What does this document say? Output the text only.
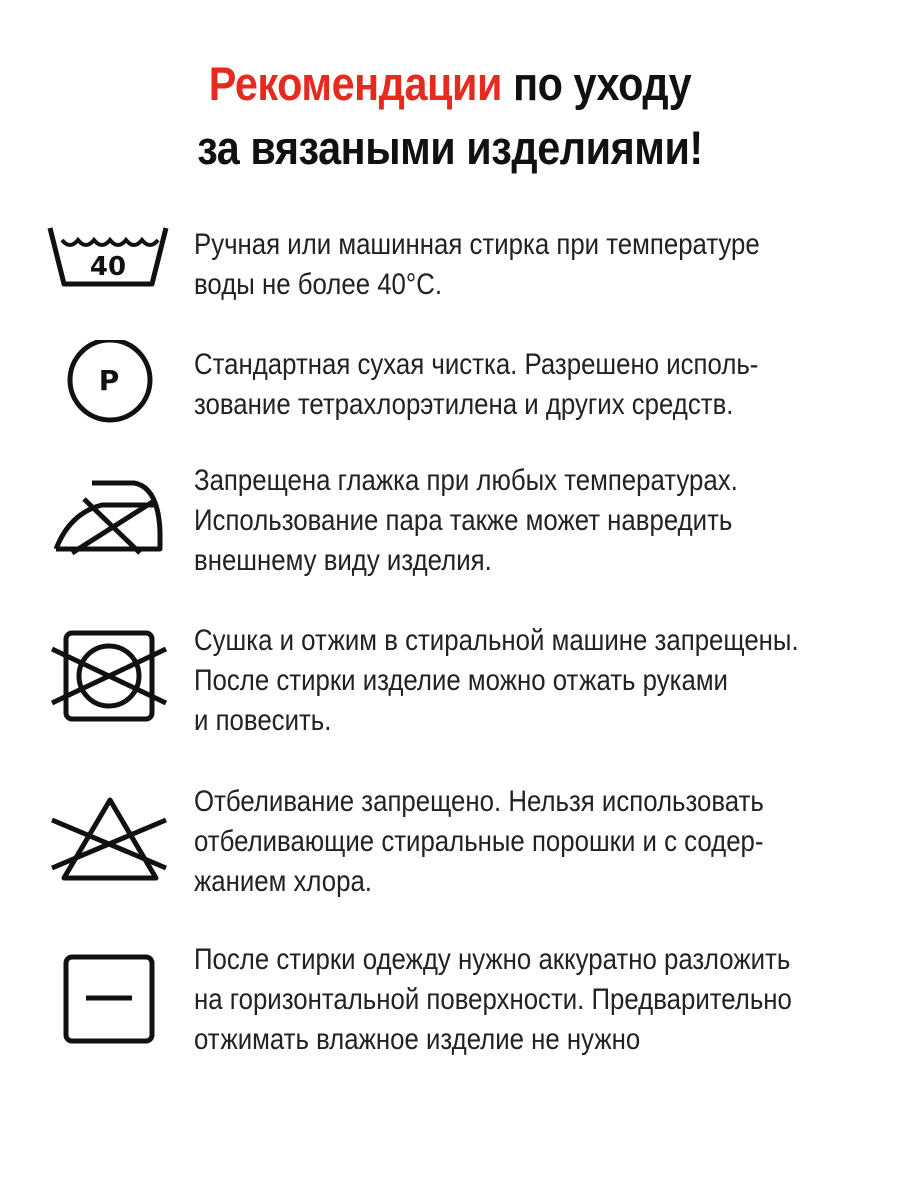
Рекомендации по уходу
за вязаными изделиями!
40
Ручная или машинная стирка при температуре
воды не более 40°С.
P Стандартная сухая чистка. Разрешено исполь-
зование тетрахлорэтилена и других средств.
Запрещена глажка при любых температурах.
Использование пара также может навредить
внешнему виду изделия.
Сушка и отжим в стиральной машине запрещены.
После стирки изделие можно отжать руками
и повесить.
Отбеливание запрещено. Нельзя использовать
отбеливающие стиральные порошки и с содер-
жанием хлора.
После стирки одежду нужно аккуратно разложить
на горизонтальной поверхности. Предварительно
отжимать влажное изделие не нужно
